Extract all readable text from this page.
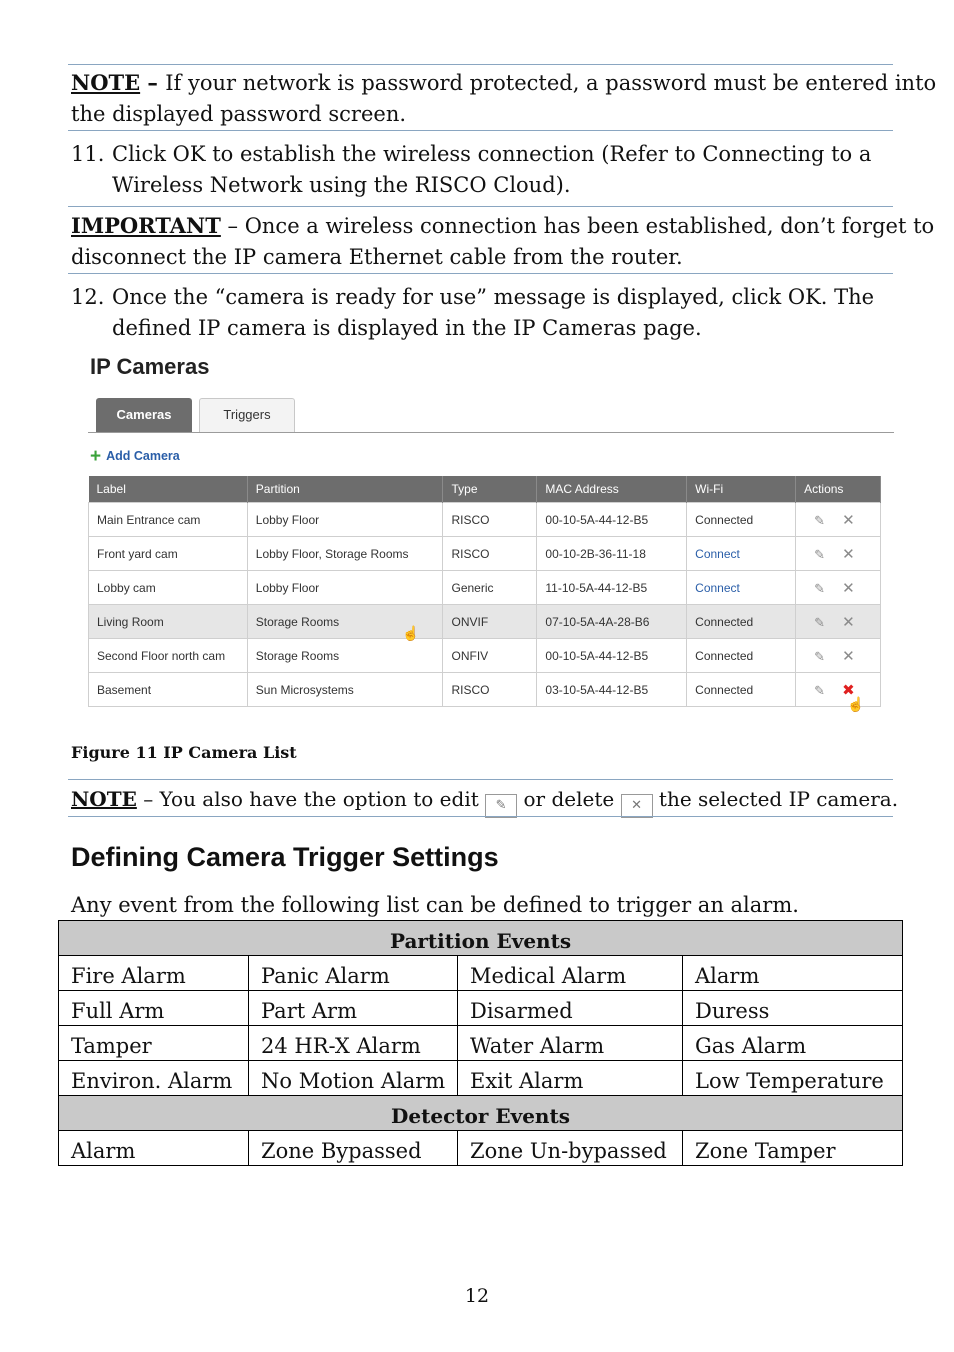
NOTE – If your network is password protected, a password must be entered into
the displayed password screen.
11. Click OK to establish the wireless connection (Refer to Connecting to a
Wireless Network using the RISCO Cloud).
IMPORTANT – Once a wireless connection has been established, don’t forget to
disconnect the IP camera Ethernet cable from the router.
12. Once the “camera is ready for use” message is displayed, click OK. The
defined IP camera is displayed in the IP Cameras page.
IP Cameras
Cameras	Triggers
+ Add Camera
Label	Partition	Type	MAC Address	Wi-Fi	Actions
Main Entrance cam	Lobby Floor	RISCO	00-10-5A-44-12-B5	Connected	✎ ✕
Front yard cam	Lobby Floor, Storage Rooms	RISCO	00-10-2B-36-11-18	Connect	✎ ✕
Lobby cam	Lobby Floor	Generic	11-10-5A-44-12-B5	Connect	✎ ✕
Living Room	Storage Rooms	ONVIF	07-10-5A-4A-28-B6	Connected	✎ ✕
Second Floor north cam	Storage Rooms	ONFIV	00-10-5A-44-12-B5	Connected	✎ ✕
Basement	Sun Microsystems	RISCO	03-10-5A-44-12-B5	Connected	✎ ✖
☝
☝
Figure 11 IP Camera List
NOTE – You also have the option to edit ✎ or delete ✕ the selected IP camera.
Defining Camera Trigger Settings
Any event from the following list can be defined to trigger an alarm.
Partition Events			
Fire Alarm	Panic Alarm	Medical Alarm	Alarm
Full Arm	Part Arm	Disarmed	Duress
Tamper	24 HR-X Alarm	Water Alarm	Gas Alarm
Environ. Alarm	No Motion Alarm	Exit Alarm	Low Temperature
Detector Events			
Alarm	Zone Bypassed	Zone Un-bypassed	Zone Tamper
12
